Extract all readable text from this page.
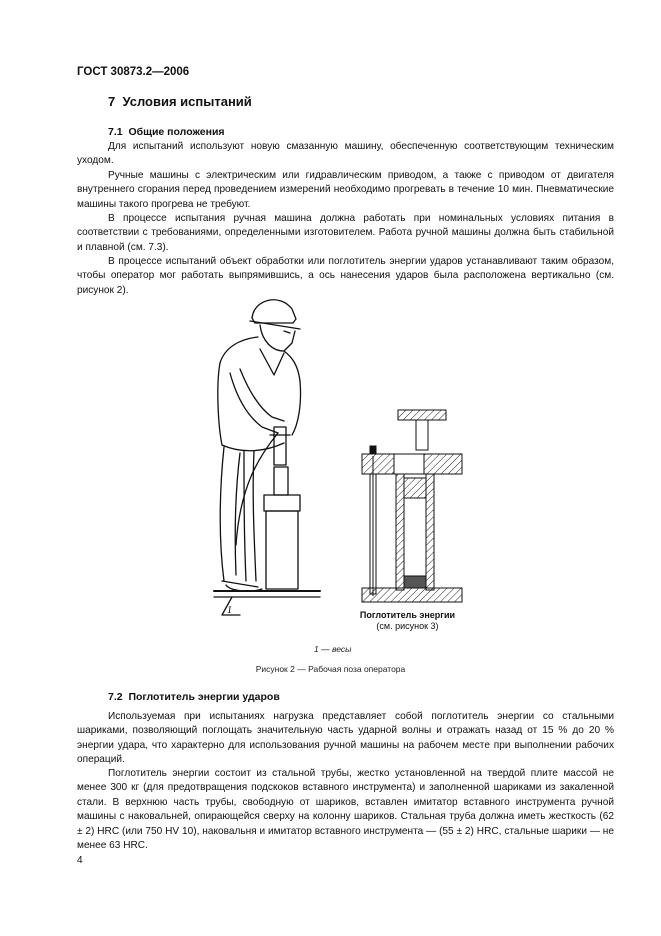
ГОСТ 30873.2—2006
7 Условия испытаний
7.1 Общие положения

Для испытаний используют новую смазанную машину, обеспеченную соответствующим техническим уходом.

Ручные машины с электрическим или гидравлическим приводом, а также с приводом от двигателя внутреннего сгорания перед проведением измерений необходимо прогревать в течение 10 мин. Пневматические машины такого прогрева не требуют.

В процессе испытания ручная машина должна работать при номинальных условиях питания в соответствии с требованиями, определенными изготовителем. Работа ручной машины должна быть стабильной и плавной (см. 7.3).

В процессе испытаний объект обработки или поглотитель энергии ударов устанавливают таким образом, чтобы оператор мог работать выпрямившись, а ось нанесения ударов была расположена вертикально (см. рисунок 2).

1	Поглотитель энергии
(см. рисунок 3)
1 — весы
Рисунок 2 — Рабочая поза оператора
7.2 Поглотитель энергии ударов

Используемая при испытаниях нагрузка представляет собой поглотитель энергии со стальными шариками, позволяющий поглощать значительную часть ударной волны и отражать назад от 15 % до 20 % энергии удара, что характерно для использования ручной машины на рабочем месте при выполнении рабочих операций.

Поглотитель энергии состоит из стальной трубы, жестко установленной на твердой плите массой не менее 300 кг (для предотвращения подскоков вставного инструмента) и заполненной шариками из закаленной стали. В верхнюю часть трубы, свободную от шариков, вставлен имитатор вставного инструмента ручной машины с наковальней, опирающейся сверху на колонну шариков. Стальная труба должна иметь жесткость (62 ± 2) HRC (или 750 HV 10), наковальня и имитатор вставного инструмента — (55 ± 2) HRC, стальные шарики — не менее 63 HRC.

4
